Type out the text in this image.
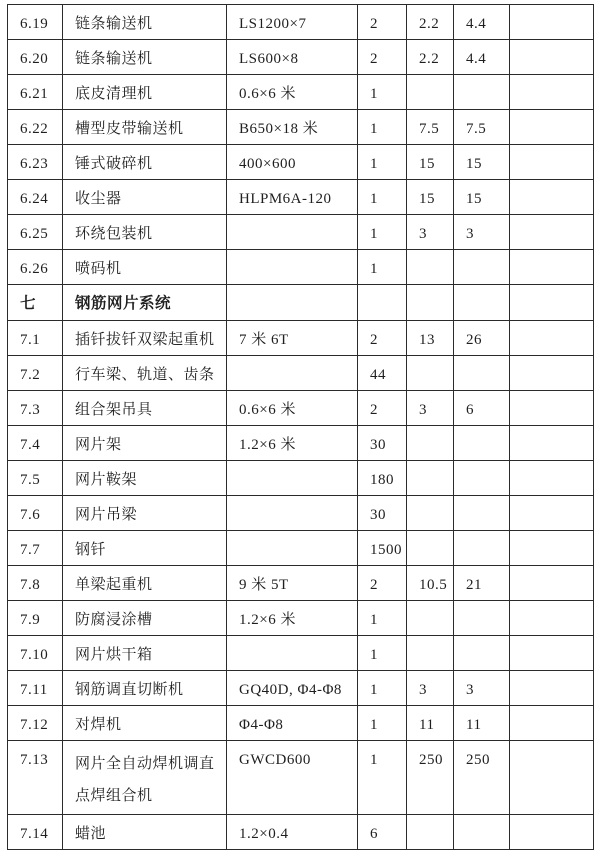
6.19	链条输送机	LS1200×7	2	2.2	4.4	
6.20	链条输送机	LS600×8	2	2.2	4.4	
6.21	底皮清理机	0.6×6 米	1			
6.22	槽型皮带输送机	B650×18 米	1	7.5	7.5	
6.23	锤式破碎机	400×600	1	15	15	
6.24	收尘器	HLPM6A-120	1	15	15	
6.25	环绕包装机		1	3	3	
6.26	喷码机		1			
七	钢筋网片系统					
7.1	插钎拔钎双梁起重机	7 米 6T	2	13	26	
7.2	行车梁、轨道、齿条		44			
7.3	组合架吊具	0.6×6 米	2	3	6	
7.4	网片架	1.2×6 米	30			
7.5	网片鞍架		180			
7.6	网片吊梁		30			
7.7	钢钎		1500			
7.8	单梁起重机	9 米 5T	2	10.5	21	
7.9	防腐浸涂槽	1.2×6 米	1			
7.10	网片烘干箱		1			
7.11	钢筋调直切断机	GQ40D, Φ4-Φ8	1	3	3	
7.12	对焊机	Φ4-Φ8	1	11	11	
7.13	网片全自动焊机调直点焊组合机	GWCD600	1	250	250	
7.14	蜡池	1.2×0.4	6			
